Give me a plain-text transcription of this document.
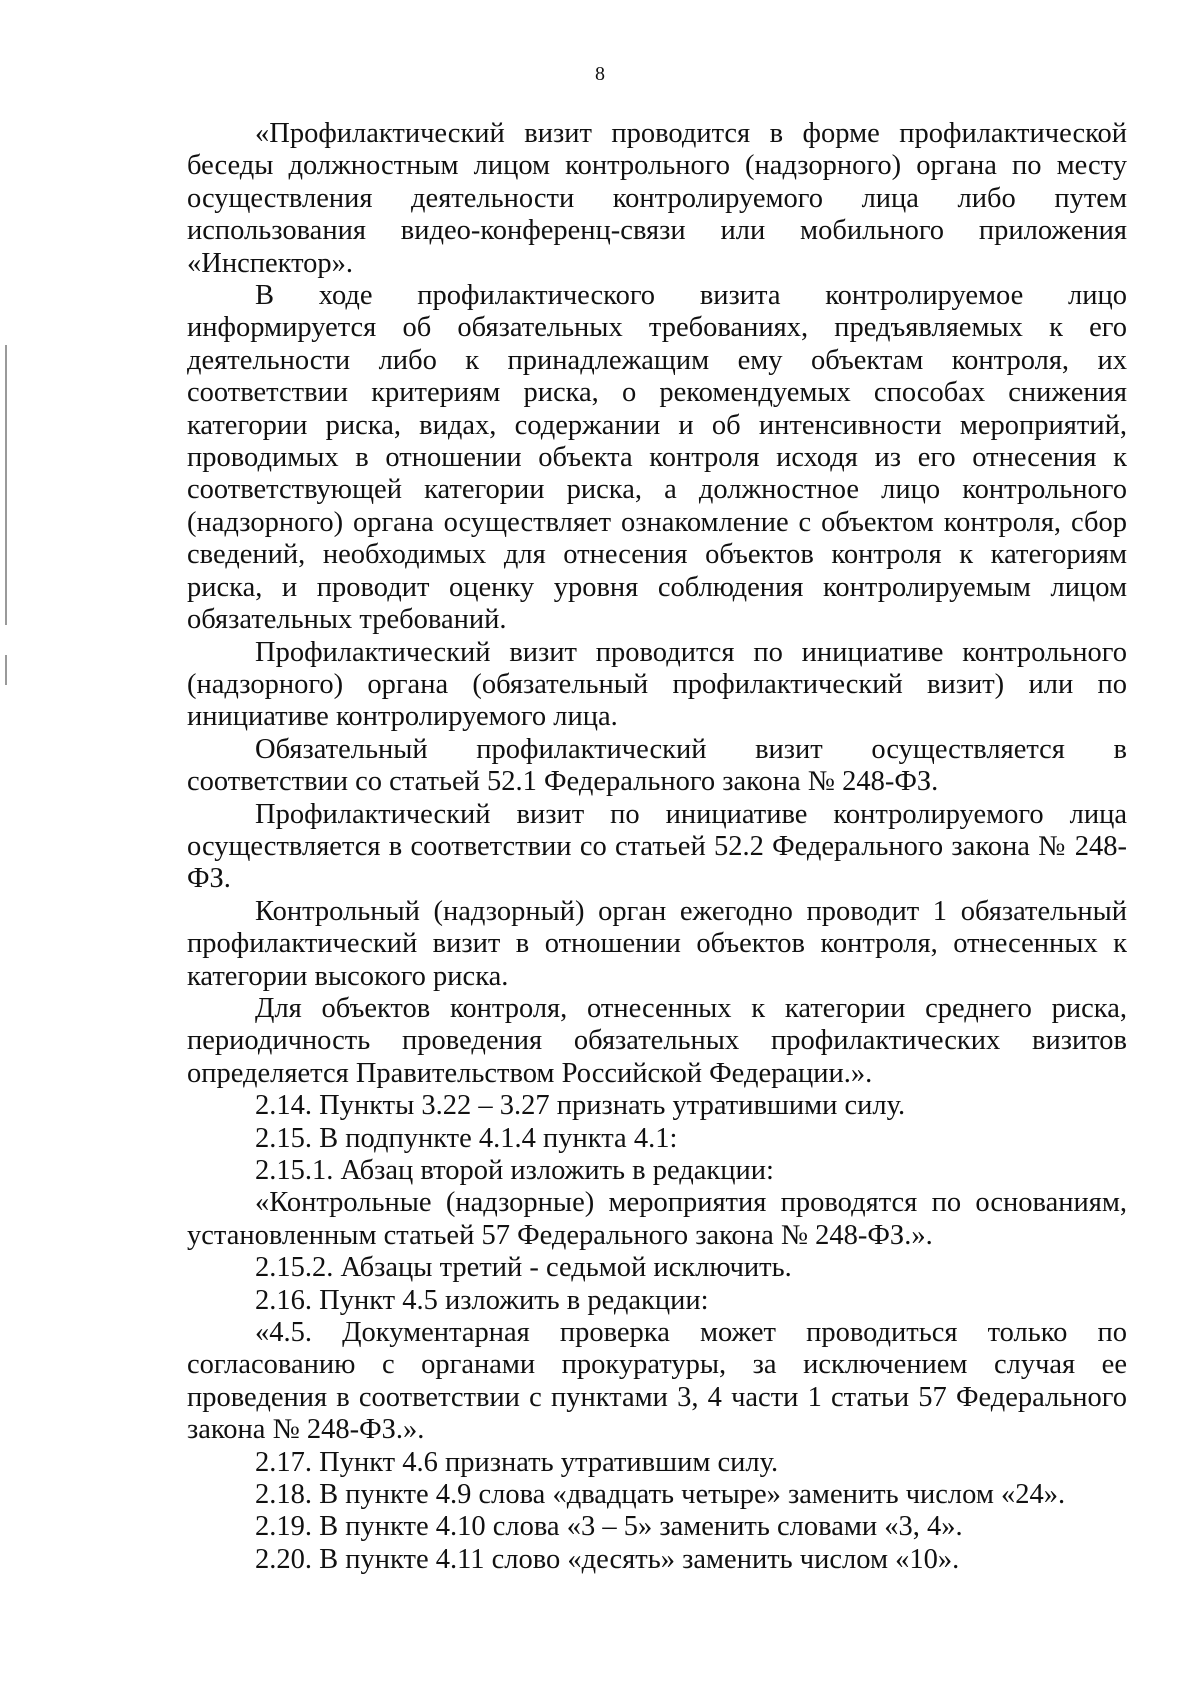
8

«Профилактический визит проводится в форме профилактической беседы должностным лицом контрольного (надзорного) органа по месту осуществления деятельности контролируемого лица либо путем использования видео-конференц-связи или мобильного приложения «Инспектор».

В ходе профилактического визита контролируемое лицо информируется об обязательных требованиях, предъявляемых к его деятельности либо к принадлежащим ему объектам контроля, их соответствии критериям риска, о рекомендуемых способах снижения категории риска, видах, содержании и об интенсивности мероприятий, проводимых в отношении объекта контроля исходя из его отнесения к соответствующей категории риска, а должностное лицо контрольного (надзорного) органа осуществляет ознакомление с объектом контроля, сбор сведений, необходимых для отнесения объектов контроля к категориям риска, и проводит оценку уровня соблюдения контролируемым лицом обязательных требований.

Профилактический визит проводится по инициативе контрольного (надзорного) органа (обязательный профилактический визит) или по инициативе контролируемого лица.

Обязательный профилактический визит осуществляется в соответствии со статьей 52.1 Федерального закона № 248-ФЗ.

Профилактический визит по инициативе контролируемого лица осуществляется в соответствии со статьей 52.2 Федерального закона № 248-ФЗ.

Контрольный (надзорный) орган ежегодно проводит 1 обязательный профилактический визит в отношении объектов контроля, отнесенных к категории высокого риска.

Для объектов контроля, отнесенных к категории среднего риска, периодичность проведения обязательных профилактических визитов определяется Правительством Российской Федерации.».

2.14. Пункты 3.22 – 3.27 признать утратившими силу.

2.15. В подпункте 4.1.4 пункта 4.1:

2.15.1. Абзац второй изложить в редакции:

«Контрольные (надзорные) мероприятия проводятся по основаниям, установленным статьей 57 Федерального закона № 248-ФЗ.».

2.15.2. Абзацы третий - седьмой исключить.

2.16. Пункт 4.5 изложить в редакции:

«4.5. Документарная проверка может проводиться только по согласованию с органами прокуратуры, за исключением случая ее проведения в соответствии с пунктами 3, 4 части 1 статьи 57 Федерального закона № 248-ФЗ.».

2.17. Пункт 4.6 признать утратившим силу.

2.18. В пункте 4.9 слова «двадцать четыре» заменить числом «24».

2.19. В пункте 4.10 слова «3 – 5» заменить словами «3, 4».

2.20. В пункте 4.11 слово «десять» заменить числом «10».
